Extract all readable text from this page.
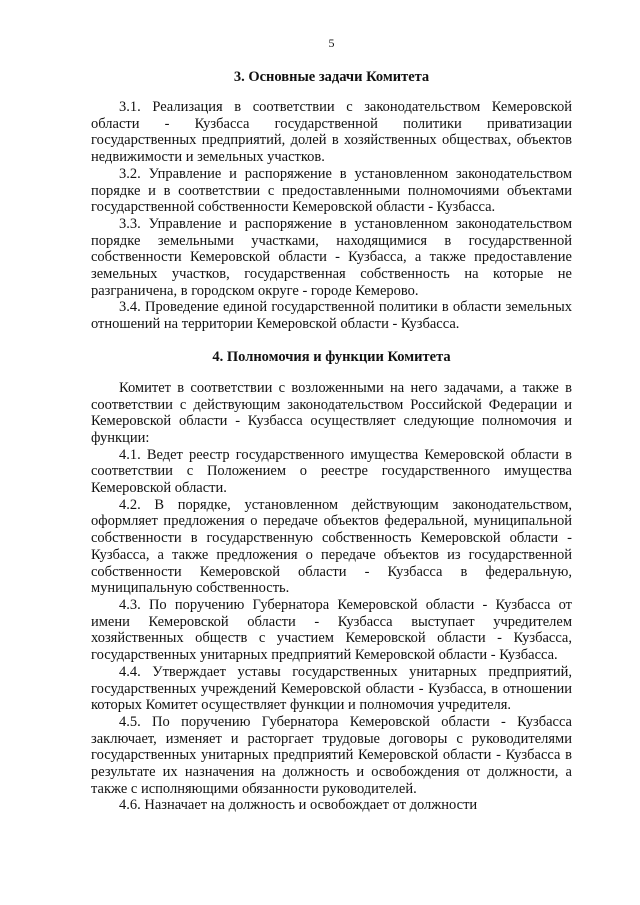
5
3. Основные задачи Комитета

3.1. Реализация в соответствии с законодательством Кемеровской области - Кузбасса государственной политики приватизации государственных предприятий, долей в хозяйственных обществах, объектов недвижимости и земельных участков.

3.2. Управление и распоряжение в установленном законодательством порядке и в соответствии с предоставленными полномочиями объектами государственной собственности Кемеровской области - Кузбасса.

3.3. Управление и распоряжение в установленном законодательством порядке земельными участками, находящимися в государственной собственности Кемеровской области - Кузбасса, а также предоставление земельных участков, государственная собственность на которые не разграничена, в городском округе - городе Кемерово.

3.4. Проведение единой государственной политики в области земельных отношений на территории Кемеровской области - Кузбасса.

4. Полномочия и функции Комитета

Комитет в соответствии с возложенными на него задачами, а также в соответствии с действующим законодательством Российской Федерации и Кемеровской области - Кузбасса осуществляет следующие полномочия и функции:

4.1. Ведет реестр государственного имущества Кемеровской области в соответствии с Положением о реестре государственного имущества Кемеровской области.

4.2. В порядке, установленном действующим законодательством, оформляет предложения о передаче объектов федеральной, муниципальной собственности в государственную собственность Кемеровской области - Кузбасса, а также предложения о передаче объектов из государственной собственности Кемеровской области - Кузбасса в федеральную, муниципальную собственность.

4.3. По поручению Губернатора Кемеровской области - Кузбасса от имени Кемеровской области - Кузбасса выступает учредителем хозяйственных обществ с участием Кемеровской области - Кузбасса, государственных унитарных предприятий Кемеровской области - Кузбасса.

4.4. Утверждает уставы государственных унитарных предприятий, государственных учреждений Кемеровской области - Кузбасса, в отношении которых Комитет осуществляет функции и полномочия учредителя.

4.5. По поручению Губернатора Кемеровской области - Кузбасса заключает, изменяет и расторгает трудовые договоры с руководителями государственных унитарных предприятий Кемеровской области - Кузбасса в результате их назначения на должность и освобождения от должности, а также с исполняющими обязанности руководителей.

4.6. Назначает на должность и освобождает от должности
